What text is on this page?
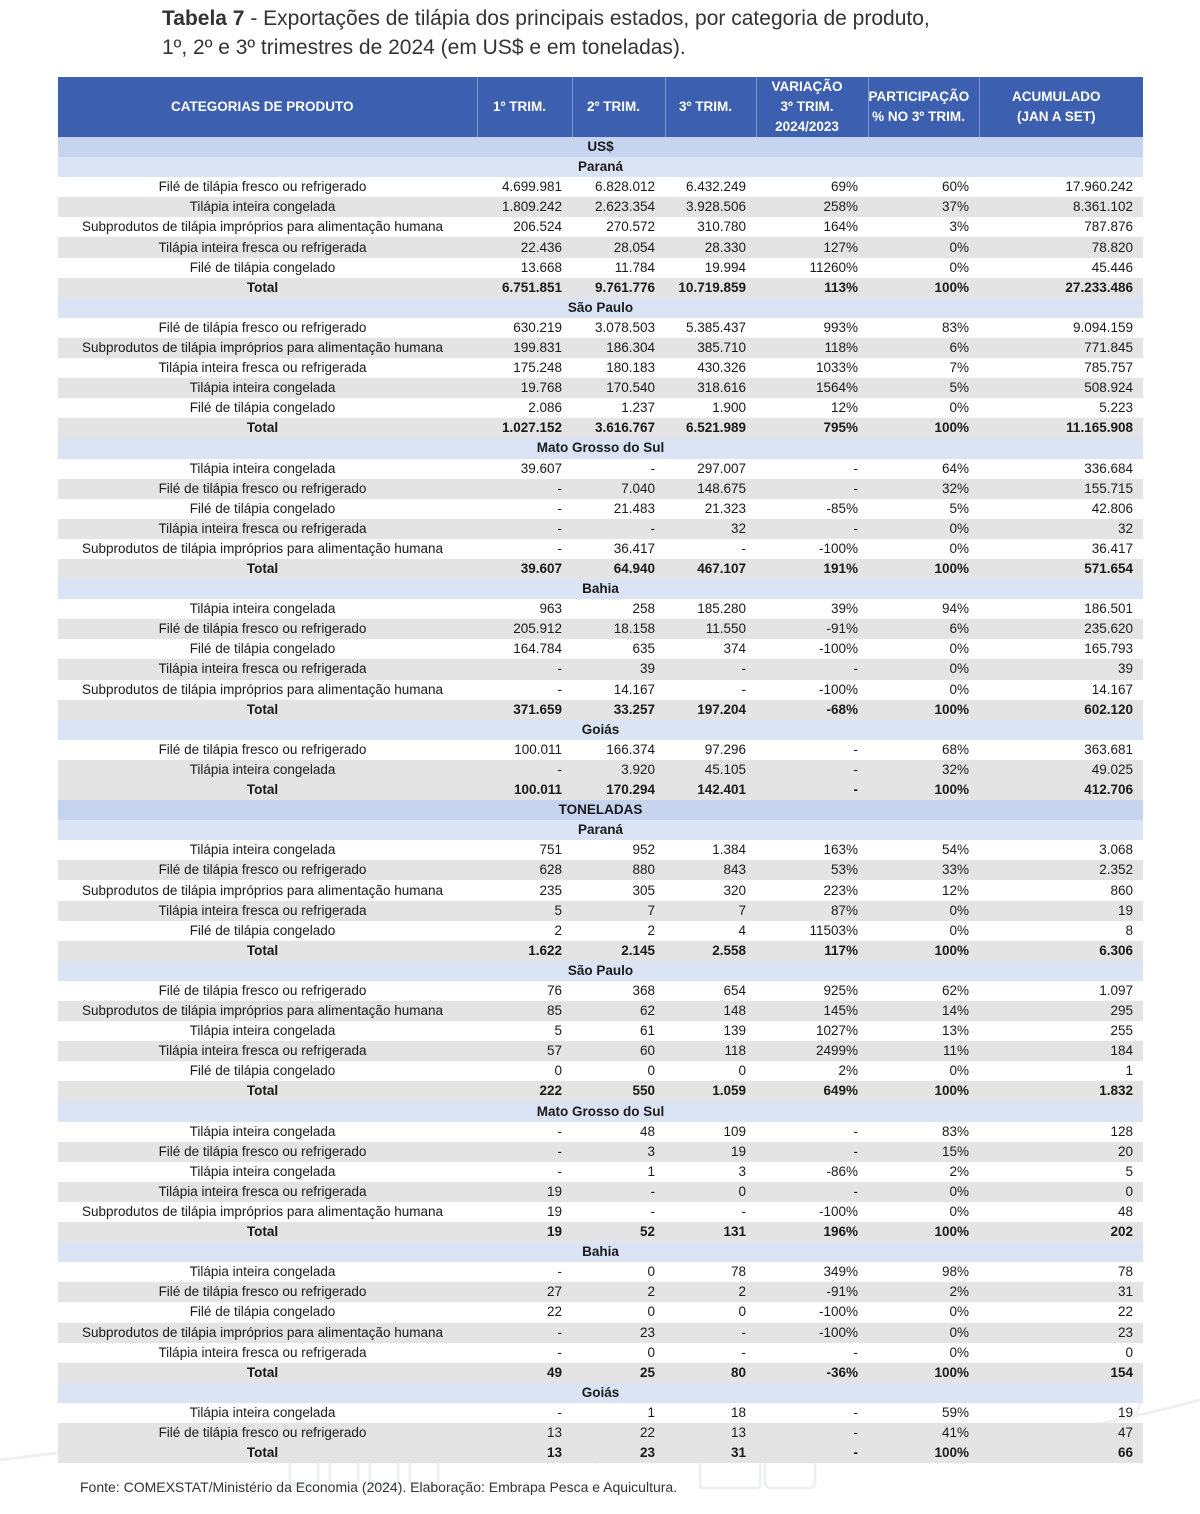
Tabela 7 - Exportações de tilápia dos principais estados, por categoria de produto,
1º, 2º e 3º trimestres de 2024 (em US$ e em toneladas).
CATEGORIAS DE PRODUTO	1º TRIM.	2º TRIM.	3º TRIM.	VARIAÇÃO
3º TRIM.
2024/2023	PARTICIPAÇÃO
% NO 3º TRIM.	ACUMULADO
(JAN A SET)
US$						
Paraná						
Filé de tilápia fresco ou refrigerado	4.699.981	6.828.012	6.432.249	69%	60%	17.960.242
Tilápia inteira congelada	1.809.242	2.623.354	3.928.506	258%	37%	8.361.102
Subprodutos de tilápia impróprios para alimentação humana	206.524	270.572	310.780	164%	3%	787.876
Tilápia inteira fresca ou refrigerada	22.436	28.054	28.330	127%	0%	78.820
Filé de tilápia congelado	13.668	11.784	19.994	11260%	0%	45.446
Total	6.751.851	9.761.776	10.719.859	113%	100%	27.233.486
São Paulo						
Filé de tilápia fresco ou refrigerado	630.219	3.078.503	5.385.437	993%	83%	9.094.159
Subprodutos de tilápia impróprios para alimentação humana	199.831	186.304	385.710	118%	6%	771.845
Tilápia inteira fresca ou refrigerada	175.248	180.183	430.326	1033%	7%	785.757
Tilápia inteira congelada	19.768	170.540	318.616	1564%	5%	508.924
Filé de tilápia congelado	2.086	1.237	1.900	12%	0%	5.223
Total	1.027.152	3.616.767	6.521.989	795%	100%	11.165.908
Mato Grosso do Sul						
Tilápia inteira congelada	39.607	-	297.007	-	64%	336.684
Filé de tilápia fresco ou refrigerado	-	7.040	148.675	-	32%	155.715
Filé de tilápia congelado	-	21.483	21.323	-85%	5%	42.806
Tilápia inteira fresca ou refrigerada	-	-	32	-	0%	32
Subprodutos de tilápia impróprios para alimentação humana	-	36.417	-	-100%	0%	36.417
Total	39.607	64.940	467.107	191%	100%	571.654
Bahia						
Tilápia inteira congelada	963	258	185.280	39%	94%	186.501
Filé de tilápia fresco ou refrigerado	205.912	18.158	11.550	-91%	6%	235.620
Filé de tilápia congelado	164.784	635	374	-100%	0%	165.793
Tilápia inteira fresca ou refrigerada	-	39	-	-	0%	39
Subprodutos de tilápia impróprios para alimentação humana	-	14.167	-	-100%	0%	14.167
Total	371.659	33.257	197.204	-68%	100%	602.120
Goiás						
Filé de tilápia fresco ou refrigerado	100.011	166.374	97.296	-	68%	363.681
Tilápia inteira congelada	-	3.920	45.105	-	32%	49.025
Total	100.011	170.294	142.401	-	100%	412.706
TONELADAS						
Paraná						
Tilápia inteira congelada	751	952	1.384	163%	54%	3.068
Filé de tilápia fresco ou refrigerado	628	880	843	53%	33%	2.352
Subprodutos de tilápia impróprios para alimentação humana	235	305	320	223%	12%	860
Tilápia inteira fresca ou refrigerada	5	7	7	87%	0%	19
Filé de tilápia congelado	2	2	4	11503%	0%	8
Total	1.622	2.145	2.558	117%	100%	6.306
São Paulo						
Filé de tilápia fresco ou refrigerado	76	368	654	925%	62%	1.097
Subprodutos de tilápia impróprios para alimentação humana	85	62	148	145%	14%	295
Tilápia inteira congelada	5	61	139	1027%	13%	255
Tilápia inteira fresca ou refrigerada	57	60	118	2499%	11%	184
Filé de tilápia congelado	0	0	0	2%	0%	1
Total	222	550	1.059	649%	100%	1.832
Mato Grosso do Sul						
Tilápia inteira congelada	-	48	109	-	83%	128
Filé de tilápia fresco ou refrigerado	-	3	19	-	15%	20
Tilápia inteira congelada	-	1	3	-86%	2%	5
Tilápia inteira fresca ou refrigerada	19	-	0	-	0%	0
Subprodutos de tilápia impróprios para alimentação humana	19	-	-	-100%	0%	48
Total	19	52	131	196%	100%	202
Bahia						
Tilápia inteira congelada	-	0	78	349%	98%	78
Filé de tilápia fresco ou refrigerado	27	2	2	-91%	2%	31
Filé de tilápia congelado	22	0	0	-100%	0%	22
Subprodutos de tilápia impróprios para alimentação humana	-	23	-	-100%	0%	23
Tilápia inteira fresca ou refrigerada	-	0	-	-	0%	0
Total	49	25	80	-36%	100%	154
Goiás						
Tilápia inteira congelada	-	1	18	-	59%	19
Filé de tilápia fresco ou refrigerado	13	22	13	-	41%	47
Total	13	23	31	-	100%	66
Fonte: COMEXSTAT/Ministério da Economia (2024). Elaboração: Embrapa Pesca e Aquicultura.
